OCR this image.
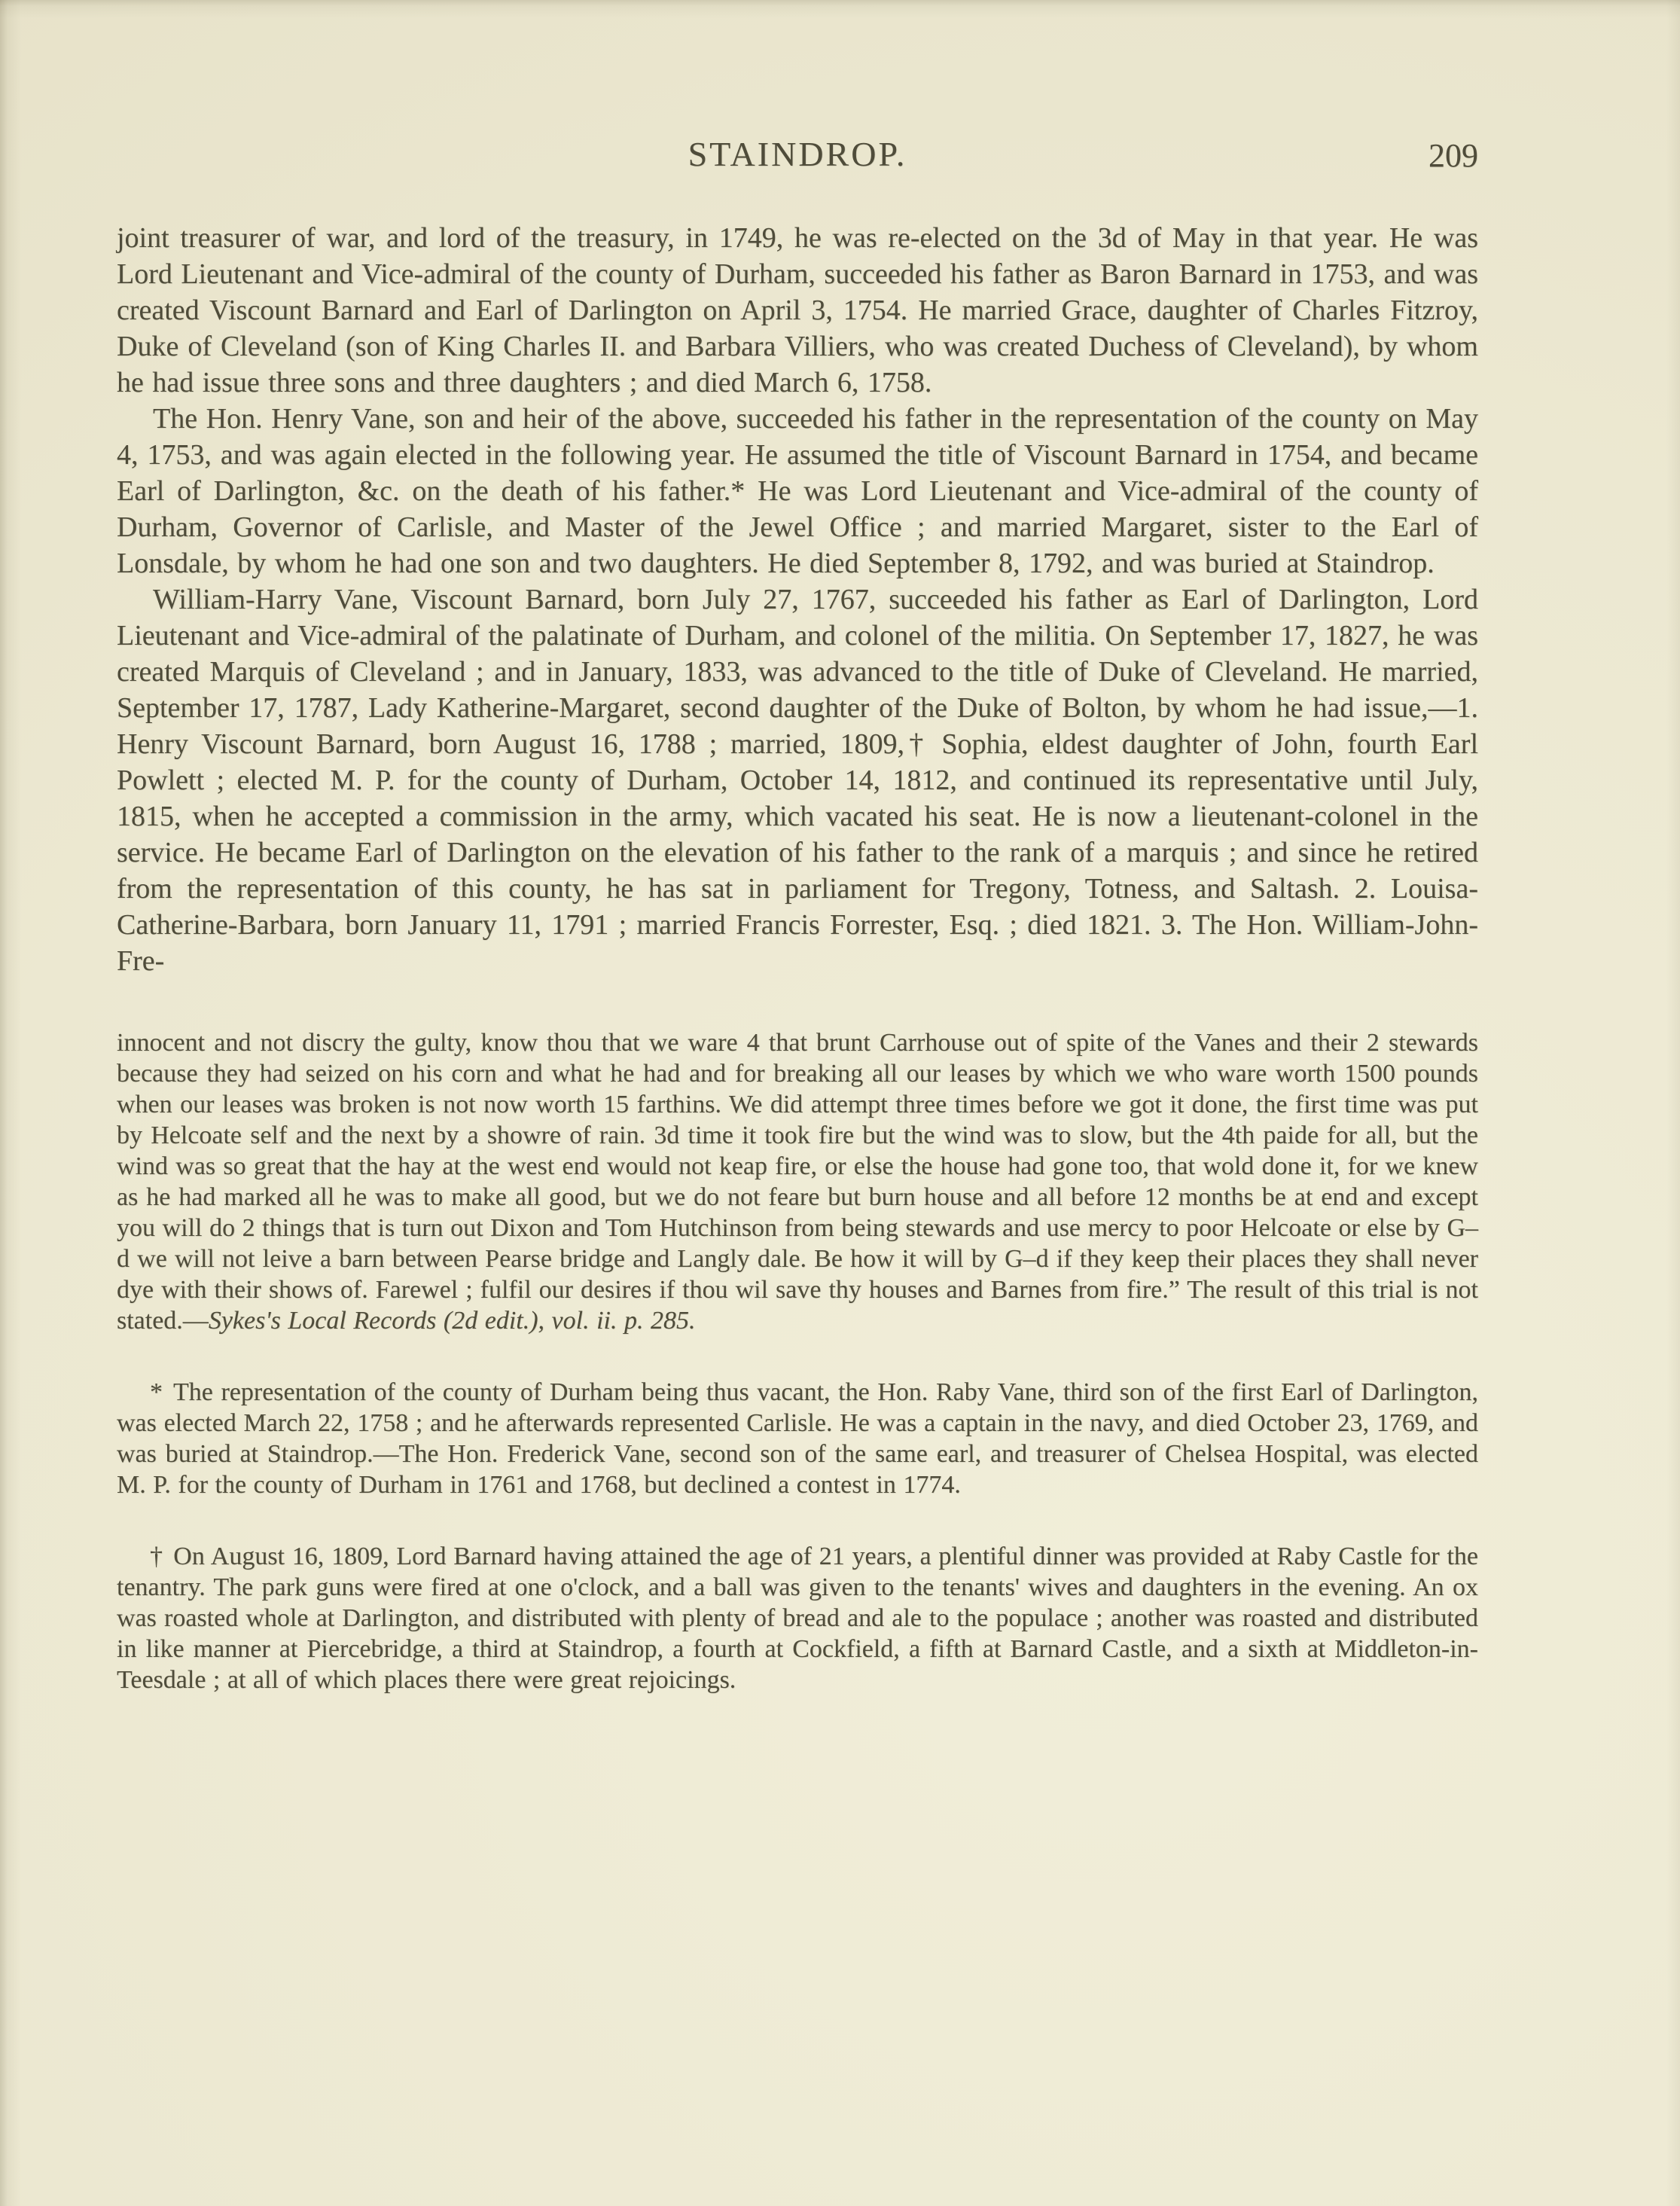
STAINDROP.	209

joint treasurer of war, and lord of the treasury, in 1749, he was re-elected on the 3d of May in that year. He was Lord Lieutenant and Vice-admiral of the county of Durham, succeeded his father as Baron Barnard in 1753, and was created Viscount Barnard and Earl of Darlington on April 3, 1754. He married Grace, daughter of Charles Fitzroy, Duke of Cleveland (son of King Charles II. and Barbara Villiers, who was created Duchess of Cleveland), by whom he had issue three sons and three daughters ; and died March 6, 1758.

The Hon. Henry Vane, son and heir of the above, succeeded his father in the representation of the county on May 4, 1753, and was again elected in the following year. He assumed the title of Viscount Barnard in 1754, and became Earl of Darlington, &c. on the death of his father.* He was Lord Lieutenant and Vice-admiral of the county of Durham, Governor of Carlisle, and Master of the Jewel Office ; and married Margaret, sister to the Earl of Lonsdale, by whom he had one son and two daughters. He died September 8, 1792, and was buried at Staindrop.

William-Harry Vane, Viscount Barnard, born July 27, 1767, succeeded his father as Earl of Darlington, Lord Lieutenant and Vice-admiral of the palatinate of Durham, and colonel of the militia. On September 17, 1827, he was created Marquis of Cleveland ; and in January, 1833, was advanced to the title of Duke of Cleveland. He married, September 17, 1787, Lady Katherine-Margaret, second daughter of the Duke of Bolton, by whom he had issue,—1. Henry Viscount Barnard, born August 16, 1788 ; married, 1809,† Sophia, eldest daughter of John, fourth Earl Powlett ; elected M. P. for the county of Durham, October 14, 1812, and continued its representative until July, 1815, when he accepted a commission in the army, which vacated his seat. He is now a lieutenant-colonel in the service. He became Earl of Darlington on the elevation of his father to the rank of a marquis ; and since he retired from the representation of this county, he has sat in parliament for Tregony, Totness, and Saltash. 2. Louisa-Catherine-Barbara, born January 11, 1791 ; married Francis Forrester, Esq. ; died 1821. 3. The Hon. William-John-Fre-

innocent and not discry the gulty, know thou that we ware 4 that brunt Carrhouse out of spite of the Vanes and their 2 stewards because they had seized on his corn and what he had and for breaking all our leases by which we who ware worth 1500 pounds when our leases was broken is not now worth 15 farthins. We did attempt three times before we got it done, the first time was put by Helcoate self and the next by a showre of rain. 3d time it took fire but the wind was to slow, but the 4th paide for all, but the wind was so great that the hay at the west end would not keap fire, or else the house had gone too, that wold done it, for we knew as he had marked all he was to make all good, but we do not feare but burn house and all before 12 months be at end and except you will do 2 things that is turn out Dixon and Tom Hutchinson from being stewards and use mercy to poor Helcoate or else by G–d we will not leive a barn between Pearse bridge and Langly dale. Be how it will by G–d if they keep their places they shall never dye with their shows of. Farewel ; fulfil our desires if thou wil save thy houses and Barnes from fire.” The result of this trial is not stated.—Sykes's Local Records (2d edit.), vol. ii. p. 285.

* The representation of the county of Durham being thus vacant, the Hon. Raby Vane, third son of the first Earl of Darlington, was elected March 22, 1758 ; and he afterwards represented Carlisle. He was a captain in the navy, and died October 23, 1769, and was buried at Staindrop.—The Hon. Frederick Vane, second son of the same earl, and treasurer of Chelsea Hospital, was elected M. P. for the county of Durham in 1761 and 1768, but declined a contest in 1774.

† On August 16, 1809, Lord Barnard having attained the age of 21 years, a plentiful dinner was provided at Raby Castle for the tenantry. The park guns were fired at one o'clock, and a ball was given to the tenants' wives and daughters in the evening. An ox was roasted whole at Darlington, and distributed with plenty of bread and ale to the populace ; another was roasted and distributed in like manner at Piercebridge, a third at Staindrop, a fourth at Cockfield, a fifth at Barnard Castle, and a sixth at Middleton-in-Teesdale ; at all of which places there were great rejoicings.
